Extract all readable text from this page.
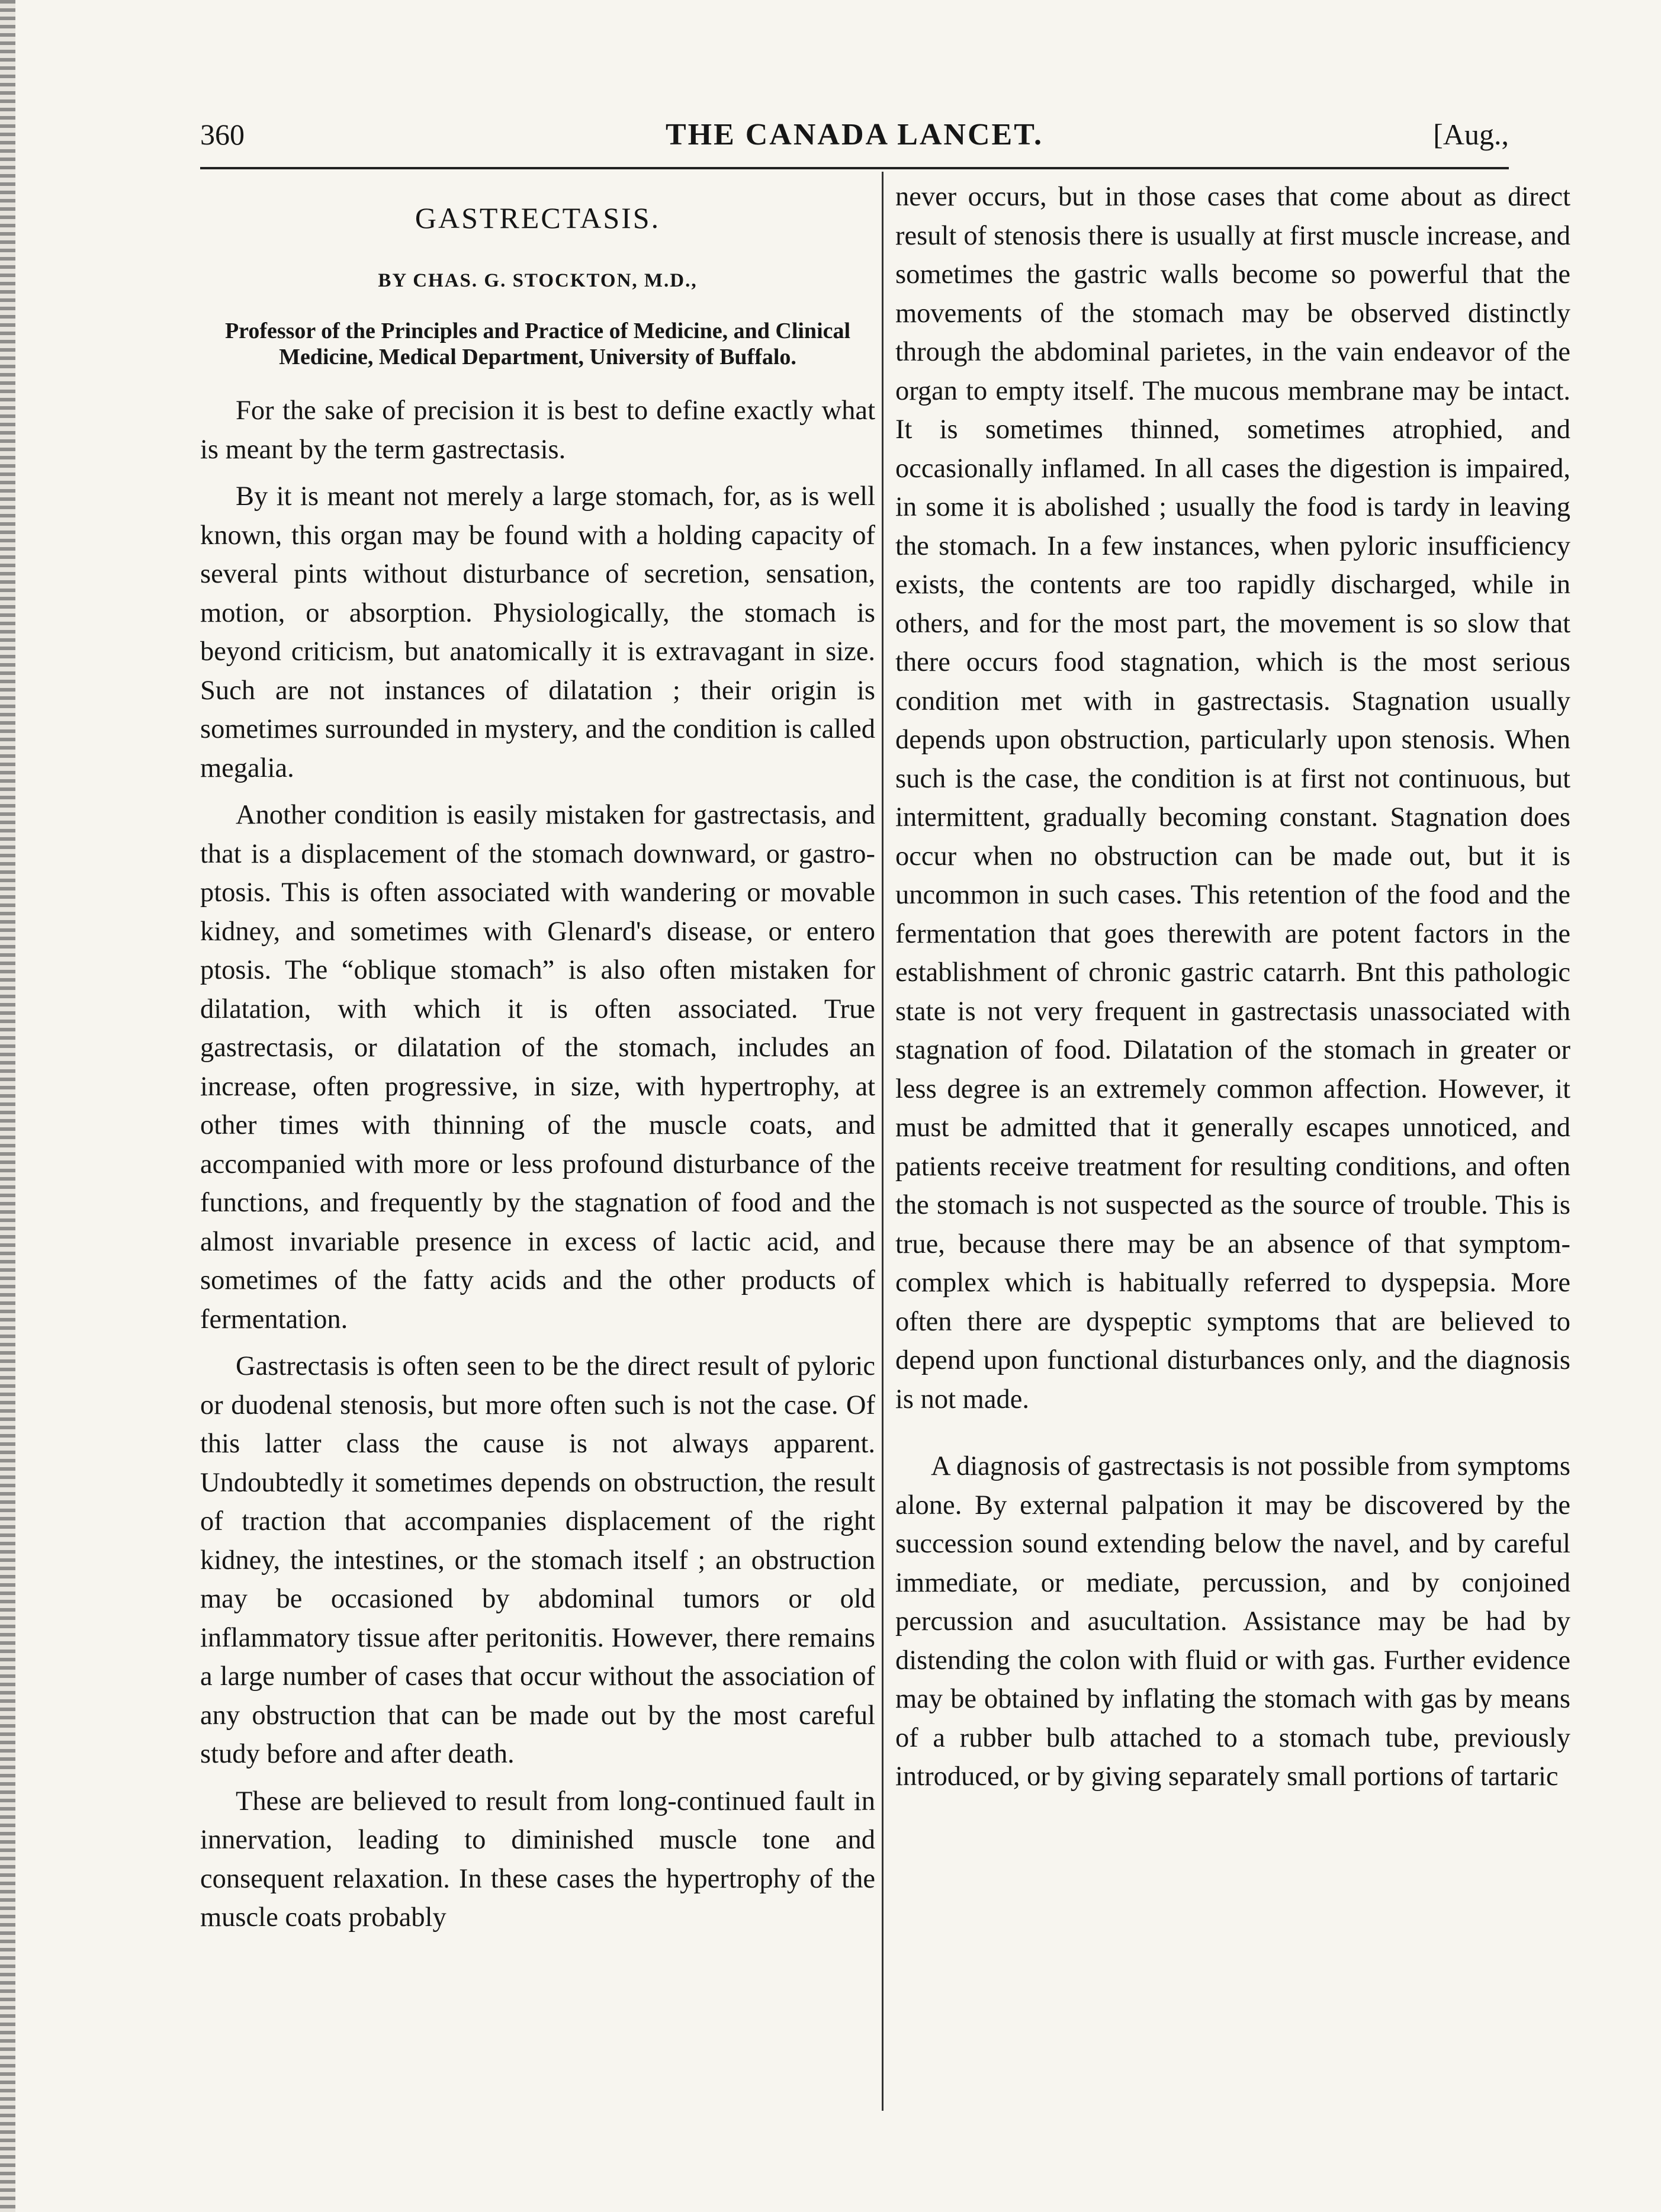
360	THE CANADA LANCET.	[Aug.,
GASTRECTASIS.
BY CHAS. G. STOCKTON, M.D.,
Professor of the Principles and Practice of Medicine, and Clinical Medicine, Medical Department, University of Buffalo.

For the sake of precision it is best to define exactly what is meant by the term gastrectasis.

By it is meant not merely a large stomach, for, as is well known, this organ may be found with a holding capacity of several pints without disturbance of secretion, sensation, motion, or absorption. Physiologically, the stomach is beyond criticism, but anatomically it is extravagant in size. Such are not instances of dilatation ; their origin is sometimes surrounded in mystery, and the condition is called megalia.

Another condition is easily mistaken for gastrectasis, and that is a displacement of the stomach downward, or gastro-ptosis. This is often associated with wandering or movable kidney, and sometimes with Glenard's disease, or entero ptosis. The “oblique stomach” is also often mistaken for dilatation, with which it is often associated. True gastrectasis, or dilatation of the stomach, includes an increase, often progressive, in size, with hypertrophy, at other times with thinning of the muscle coats, and accompanied with more or less profound disturbance of the functions, and frequently by the stagnation of food and the almost invariable presence in excess of lactic acid, and sometimes of the fatty acids and the other products of fermentation.

Gastrectasis is often seen to be the direct result of pyloric or duodenal stenosis, but more often such is not the case. Of this latter class the cause is not always apparent. Undoubtedly it sometimes depends on obstruction, the result of traction that accompanies displacement of the right kidney, the intestines, or the stomach itself ; an obstruction may be occasioned by abdominal tumors or old inflammatory tissue after peritonitis. However, there remains a large number of cases that occur without the association of any obstruction that can be made out by the most careful study before and after death.

These are believed to result from long-continued fault in innervation, leading to diminished muscle tone and consequent relaxation. In these cases the hypertrophy of the muscle coats probably

never occurs, but in those cases that come about as direct result of stenosis there is usually at first muscle increase, and sometimes the gastric walls become so powerful that the movements of the stomach may be observed distinctly through the abdominal parietes, in the vain endeavor of the organ to empty itself. The mucous membrane may be intact. It is sometimes thinned, sometimes atrophied, and occasionally inflamed. In all cases the digestion is impaired, in some it is abolished ; usually the food is tardy in leaving the stomach. In a few instances, when pyloric insufficiency exists, the contents are too rapidly discharged, while in others, and for the most part, the movement is so slow that there occurs food stagnation, which is the most serious condition met with in gastrectasis. Stagnation usually depends upon obstruction, particularly upon stenosis. When such is the case, the condition is at first not continuous, but intermittent, gradually becoming constant. Stagnation does occur when no obstruction can be made out, but it is uncommon in such cases. This retention of the food and the fermentation that goes therewith are potent factors in the establishment of chronic gastric catarrh. Bnt this pathologic state is not very frequent in gastrectasis unassociated with stagnation of food. Dilatation of the stomach in greater or less degree is an extremely common affection. However, it must be admitted that it generally escapes unnoticed, and patients receive treatment for resulting conditions, and often the stomach is not suspected as the source of trouble. This is true, because there may be an absence of that symptom-complex which is habitually referred to dyspepsia. More often there are dyspeptic symptoms that are believed to depend upon functional disturbances only, and the diagnosis is not made.

A diagnosis of gastrectasis is not possible from symptoms alone. By external palpation it may be discovered by the succession sound extending below the navel, and by careful immediate, or mediate, percussion, and by conjoined percussion and asucultation. Assistance may be had by distending the colon with fluid or with gas. Further evidence may be obtained by inflating the stomach with gas by means of a rubber bulb attached to a stomach tube, previously introduced, or by giving separately small portions of tartaric
